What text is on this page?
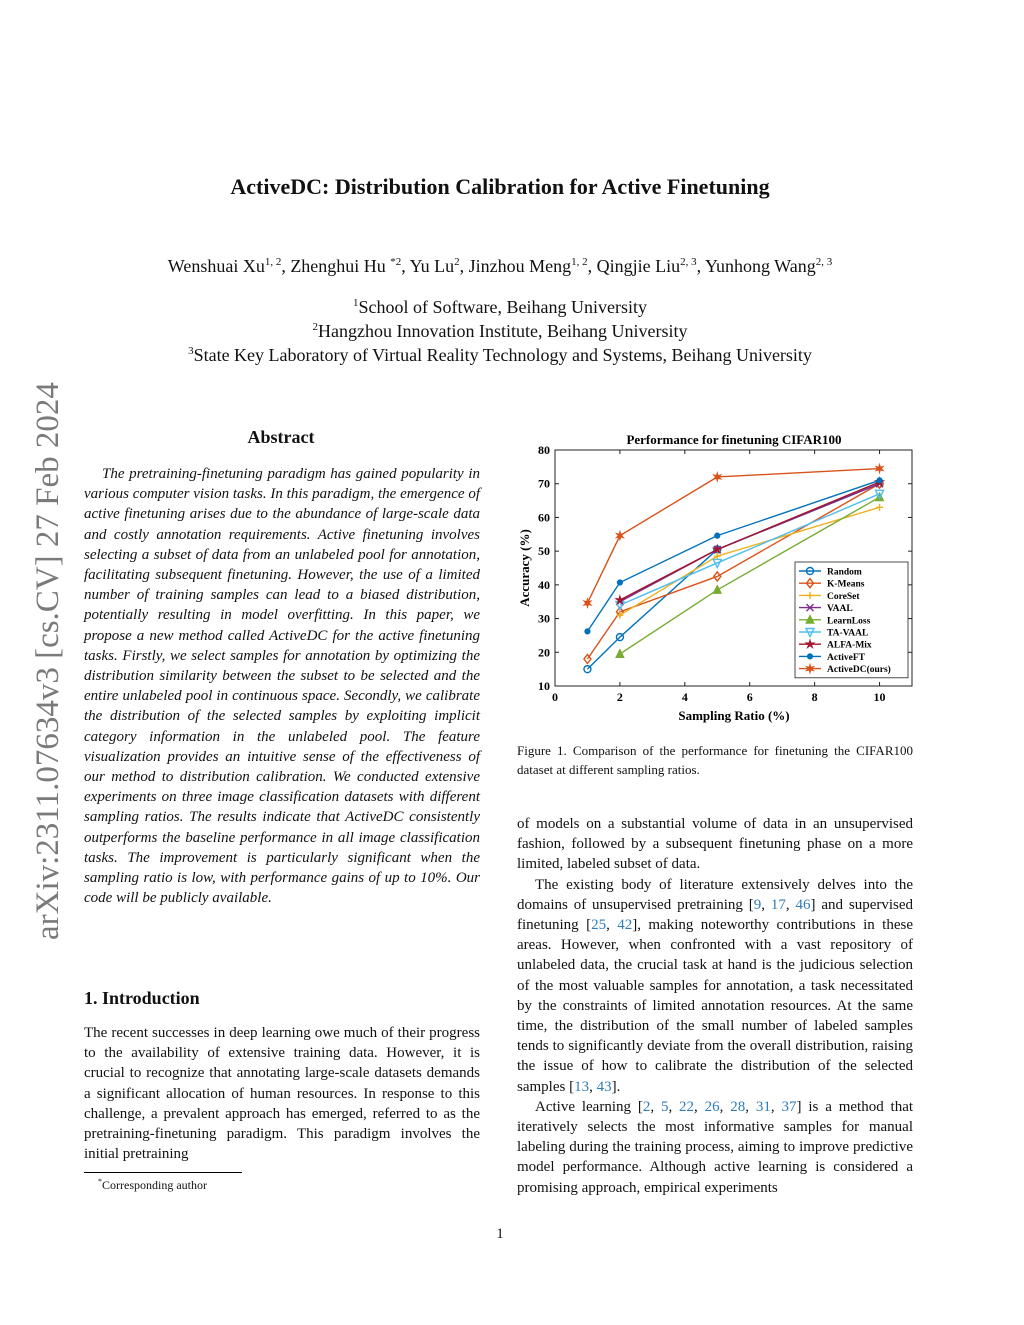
arXiv:2311.07634v3 [cs.CV] 27 Feb 2024
ActiveDC: Distribution Calibration for Active Finetuning
Wenshuai Xu$^{1, 2}$, Zhenghui Hu $^{*2}$, Yu Lu$^2$, Jinzhou Meng$^{1, 2}$, Qingjie Liu$^{2, 3}$, Yunhong Wang$^{2, 3}$
$^1$School of Software, Beihang University
$^2$Hangzhou Innovation Institute, Beihang University
$^3$State Key Laboratory of Virtual Reality Technology and Systems, Beihang University
Abstract

The pretraining-finetuning paradigm has gained popularity in various computer vision tasks. In this paradigm, the emergence of active finetuning arises due to the abundance of large-scale data and costly annotation requirements. Active finetuning involves selecting a subset of data from an unlabeled pool for annotation, facilitating subsequent finetuning. However, the use of a limited number of training samples can lead to a biased distribution, potentially resulting in model overfitting. In this paper, we propose a new method called ActiveDC for the active finetuning tasks. Firstly, we select samples for annotation by optimizing the distribution similarity between the subset to be selected and the entire unlabeled pool in continuous space. Secondly, we calibrate the distribution of the selected samples by exploiting implicit category information in the unlabeled pool. The feature visualization provides an intuitive sense of the effectiveness of our method to distribution calibration. We conducted extensive experiments on three image classification datasets with different sampling ratios. The results indicate that ActiveDC consistently outperforms the baseline performance in all image classification tasks. The improvement is particularly significant when the sampling ratio is low, with performance gains of up to 10%. Our code will be publicly available.

1. Introduction

The recent successes in deep learning owe much of their progress to the availability of extensive training data. However, it is crucial to recognize that annotating large-scale datasets demands a significant allocation of human resources. In response to this challenge, a prevalent approach has emerged, referred to as the pretraining-finetuning paradigm. This paradigm involves the initial pretraining

*Corresponding author
Performance for finetuning CIFAR100
10
20
30
40
50
60
70
80
0	2	4	6	8	10
Random
K-Means
CoreSet
VAAL
LearnLoss
TA-VAAL
ALFA-Mix
ActiveFT
ActiveDC(ours)
Sampling Ratio (%)
Accuracy (%)
Figure 1. Comparison of the performance for finetuning the CIFAR100 dataset at different sampling ratios.

of models on a substantial volume of data in an unsupervised fashion, followed by a subsequent finetuning phase on a more limited, labeled subset of data.

The existing body of literature extensively delves into the domains of unsupervised pretraining [9, 17, 46] and supervised finetuning [25, 42], making noteworthy contributions in these areas. However, when confronted with a vast repository of unlabeled data, the crucial task at hand is the judicious selection of the most valuable samples for annotation, a task necessitated by the constraints of limited annotation resources. At the same time, the distribution of the small number of labeled samples tends to significantly deviate from the overall distribution, raising the issue of how to calibrate the distribution of the selected samples [13, 43].

Active learning [2, 5, 22, 26, 28, 31, 37] is a method that iteratively selects the most informative samples for manual labeling during the training process, aiming to improve predictive model performance. Although active learning is considered a promising approach, empirical experiments

1
